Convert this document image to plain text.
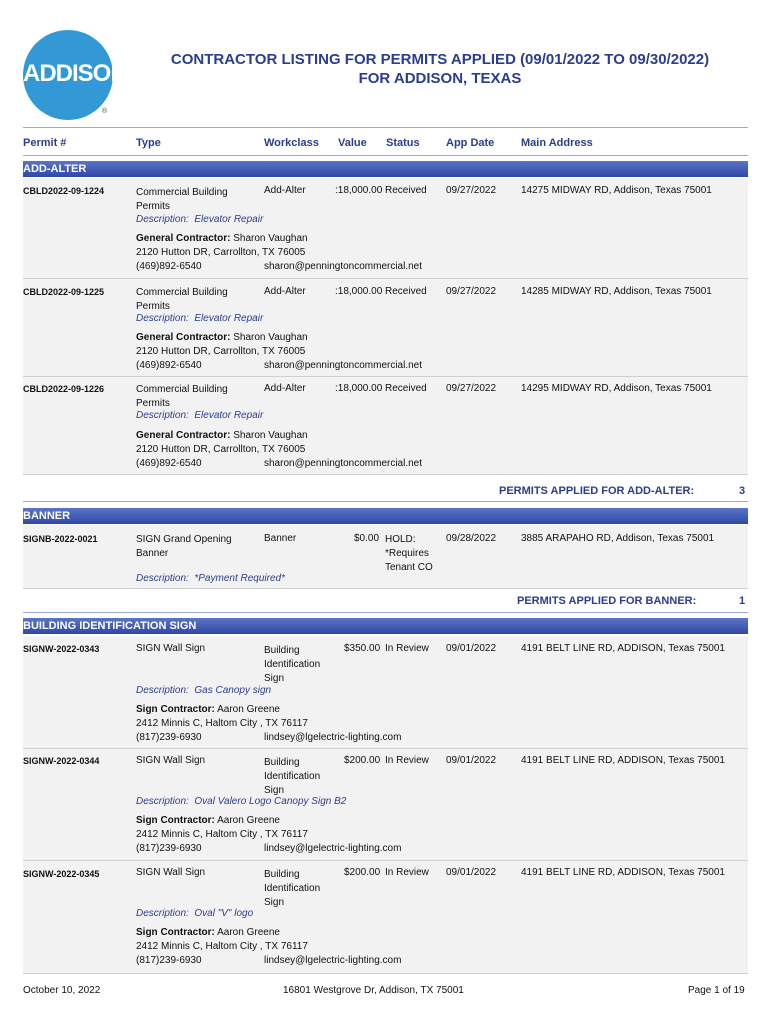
ADDISON
®
CONTRACTOR LISTING FOR PERMITS APPLIED (09/01/2022 TO 09/30/2022)
FOR ADDISON, TEXAS
Permit #	Type	Workclass Value Status App Date Main Address
ADD-ALTER
CBLD2022-09-1224	Commercial Building
Permits
Add-Alter	:18,000.00 Received 09/27/2022 14275 MIDWAY RD, Addison, Texas 75001
Description: Elevator Repair
General Contractor: Sharon Vaughan
2120 Hutton DR, Carrollton, TX 76005
(469)892-6540	sharon@penningtoncommercial.net
CBLD2022-09-1225	Commercial Building
Permits
Add-Alter	:18,000.00 Received 09/27/2022 14285 MIDWAY RD, Addison, Texas 75001
Description: Elevator Repair
General Contractor: Sharon Vaughan
2120 Hutton DR, Carrollton, TX 76005
(469)892-6540	sharon@penningtoncommercial.net
CBLD2022-09-1226	Commercial Building
Permits
Add-Alter	:18,000.00 Received 09/27/2022 14295 MIDWAY RD, Addison, Texas 75001
Description: Elevator Repair
General Contractor: Sharon Vaughan
2120 Hutton DR, Carrollton, TX 76005
(469)892-6540	sharon@penningtoncommercial.net
PERMITS APPLIED FOR ADD-ALTER:	3
BANNER
SIGNB-2022-0021	SIGN Grand Opening
Banner
Banner	$0.00 HOLD:
*Requires
Tenant CO
09/28/2022 3885 ARAPAHO RD, Addison, Texas 75001
Description: *Payment Required*
PERMITS APPLIED FOR BANNER:	1
BUILDING IDENTIFICATION SIGN
SIGNW-2022-0343	SIGN Wall Sign	Building
Identification
Sign
$350.00 In Review 09/01/2022 4191 BELT LINE RD, ADDISON, Texas 75001
Description: Gas Canopy sign
Sign Contractor: Aaron Greene
2412 Minnis C, Haltom City , TX 76117
(817)239-6930	lindsey@lgelectric-lighting.com
SIGNW-2022-0344	SIGN Wall Sign	Building
Identification
Sign
$200.00 In Review 09/01/2022 4191 BELT LINE RD, ADDISON, Texas 75001
Description: Oval Valero Logo Canopy Sign B2
Sign Contractor: Aaron Greene
2412 Minnis C, Haltom City , TX 76117
(817)239-6930	lindsey@lgelectric-lighting.com
SIGNW-2022-0345	SIGN Wall Sign	Building
Identification
Sign
$200.00 In Review 09/01/2022 4191 BELT LINE RD, ADDISON, Texas 75001
Description: Oval "V" logo
Sign Contractor: Aaron Greene
2412 Minnis C, Haltom City , TX 76117
(817)239-6930	lindsey@lgelectric-lighting.com
October 10, 2022	16801 Westgrove Dr, Addison, TX 75001	Page 1 of 19
